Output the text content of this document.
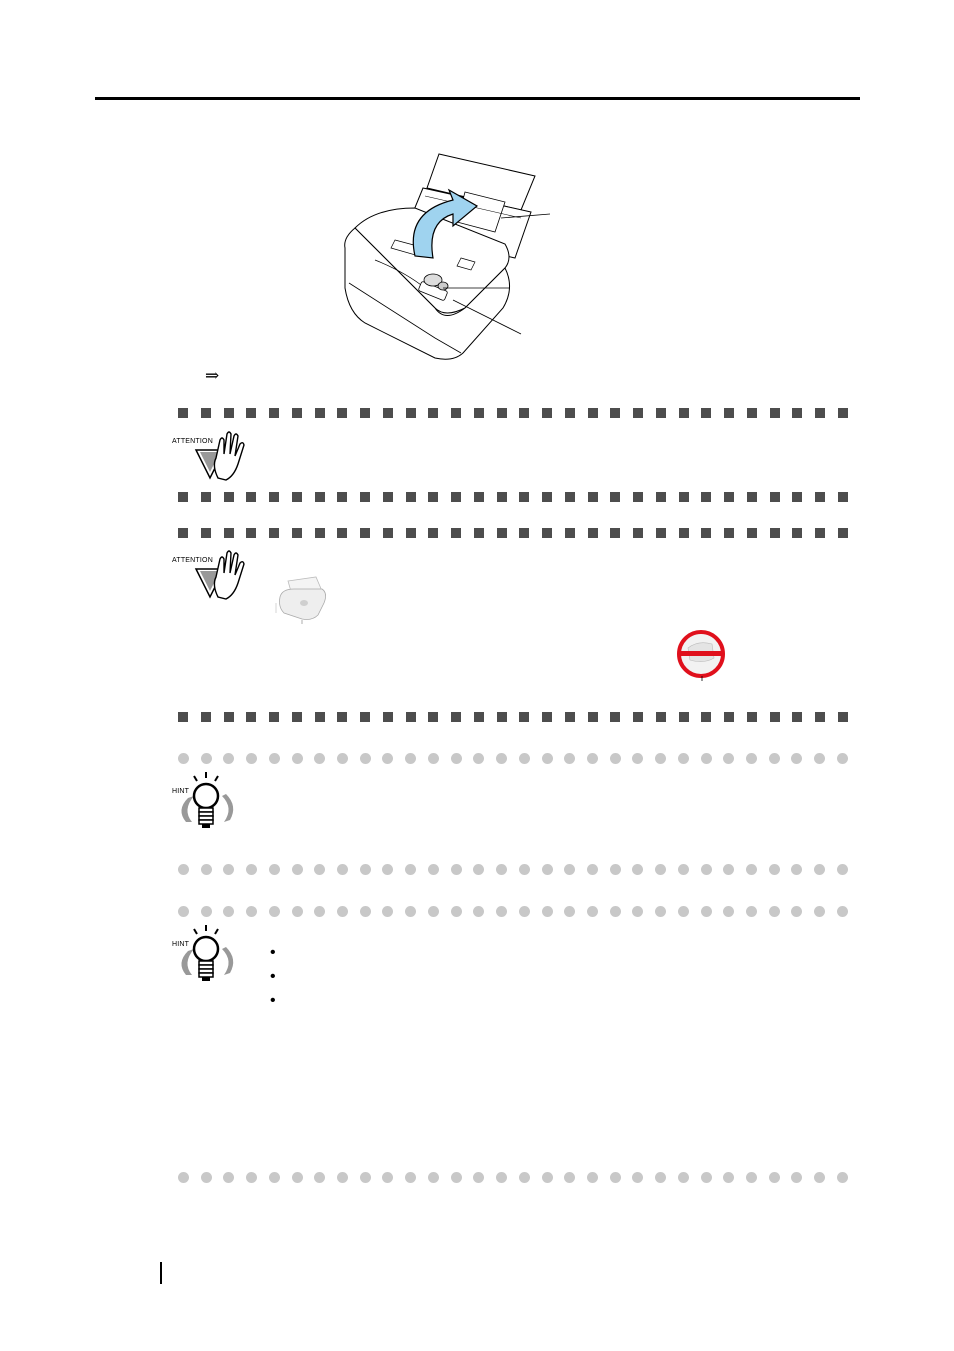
⇒
ATTENTION
ATTENTION
HINT
HINT	•
•
•
